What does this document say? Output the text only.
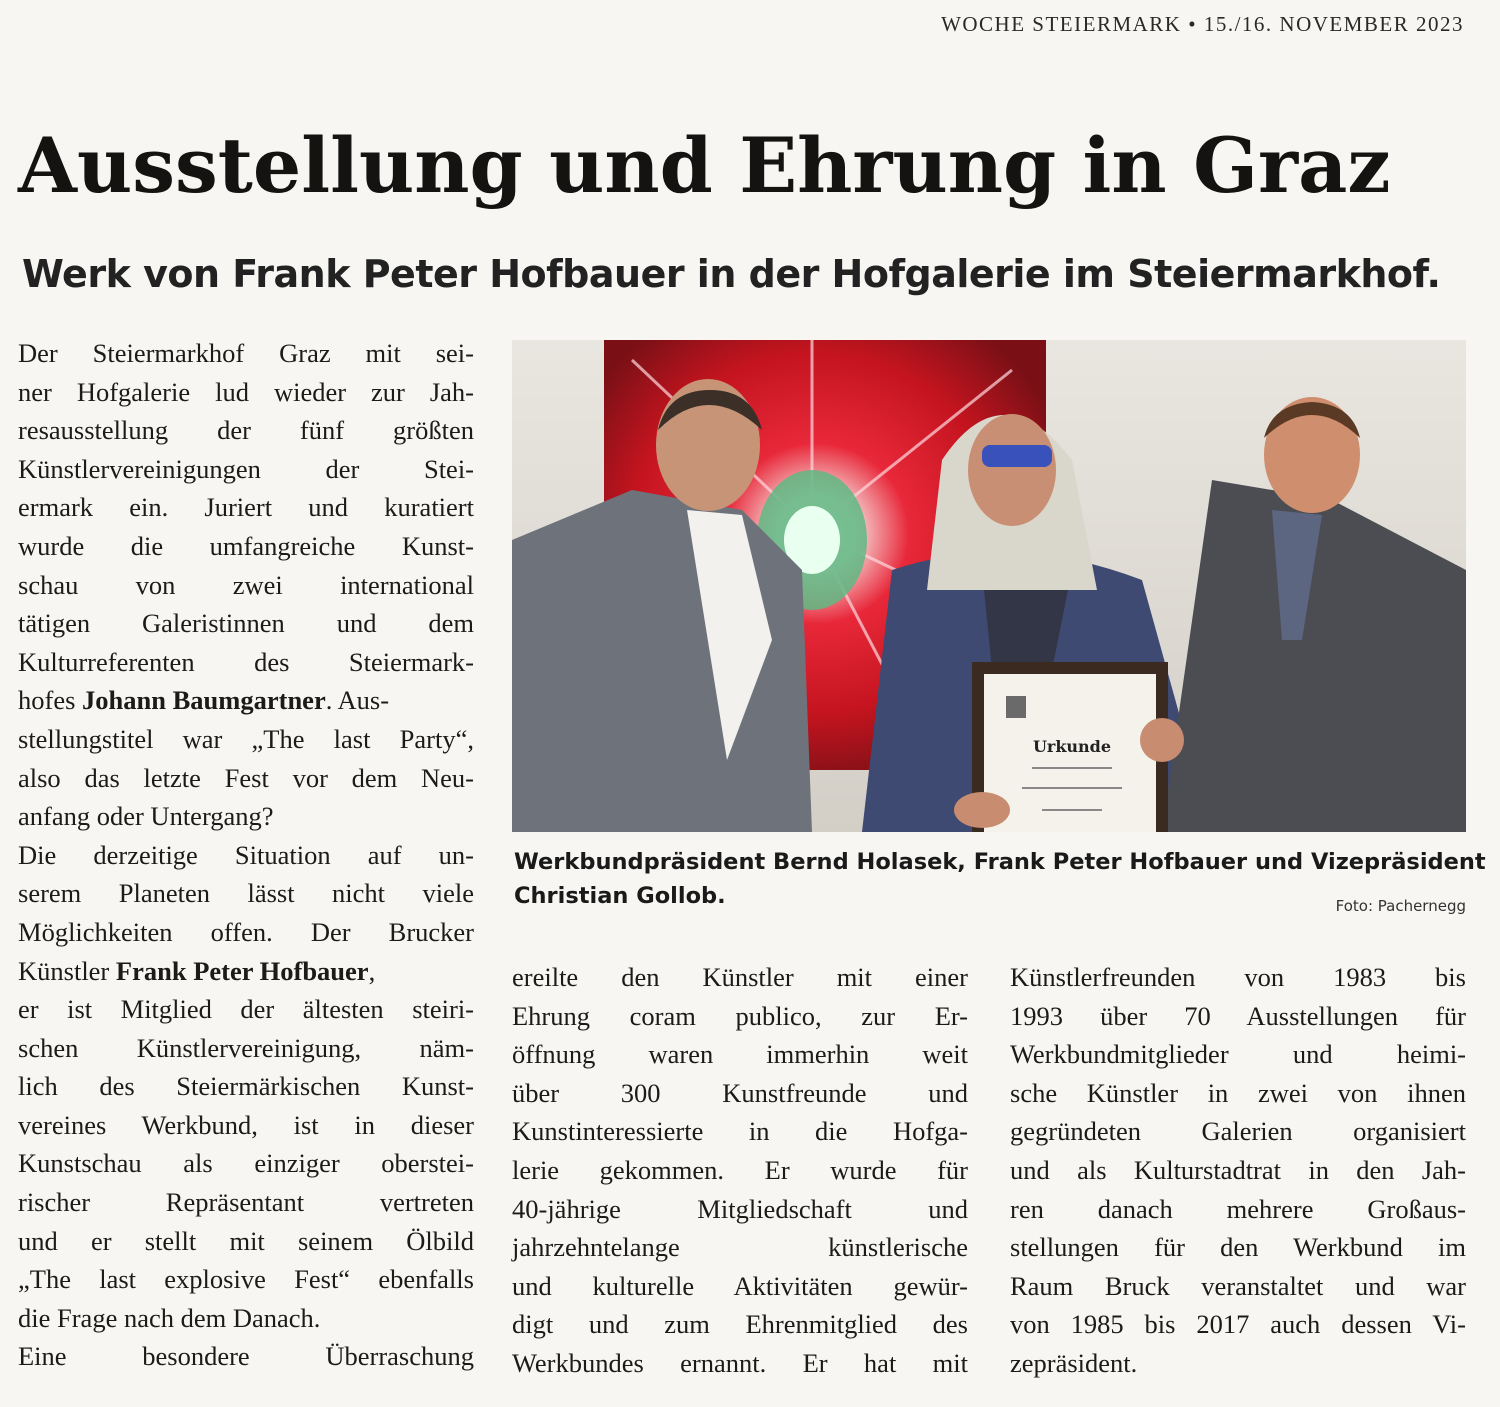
WOCHE STEIERMARK • 15./16. NOVEMBER 2023
Ausstellung und Ehrung in Graz
Werk von Frank Peter Hofbauer in der Hofgalerie im Steiermarkhof.
Der Steiermarkhof Graz mit sei-
ner Hofgalerie lud wieder zur Jah-
resausstellung der fünf größten
Künstlervereinigungen der Stei-
ermark ein. Juriert und kuratiert
wurde die umfangreiche Kunst-
schau von zwei international
tätigen Galeristinnen und dem
Kulturreferenten des Steiermark-
hofes Johann Baumgartner. Aus-
stellungstitel war „The last Party“,
also das letzte Fest vor dem Neu-
anfang oder Untergang?
Die derzeitige Situation auf un-
serem Planeten lässt nicht viele
Möglichkeiten offen. Der Brucker
Künstler Frank Peter Hofbauer,
er ist Mitglied der ältesten steiri-
schen Künstlervereinigung, näm-
lich des Steiermärkischen Kunst-
vereines Werkbund, ist in dieser
Kunstschau als einziger oberstei-
rischer Repräsentant vertreten
und er stellt mit seinem Ölbild
„The last explosive Fest“ ebenfalls
die Frage nach dem Danach.
Eine besondere Überraschung
Urkunde
Werkbundpräsident Bernd Holasek, Frank Peter Hofbauer und Vizepräsident
Christian Gollob.	Foto: Pachernegg
ereilte den Künstler mit einer
Ehrung coram publico, zur Er-
öffnung waren immerhin weit
über 300 Kunstfreunde und
Kunstinteressierte in die Hofga-
lerie gekommen. Er wurde für
40-jährige Mitgliedschaft und
jahrzehntelange künstlerische
und kulturelle Aktivitäten gewür-
digt und zum Ehrenmitglied des
Werkbundes ernannt. Er hat mit
Künstlerfreunden von 1983 bis
1993 über 70 Ausstellungen für
Werkbundmitglieder und heimi-
sche Künstler in zwei von ihnen
gegründeten Galerien organisiert
und als Kulturstadtrat in den Jah-
ren danach mehrere Großaus-
stellungen für den Werkbund im
Raum Bruck veranstaltet und war
von 1985 bis 2017 auch dessen Vi-
zepräsident.
